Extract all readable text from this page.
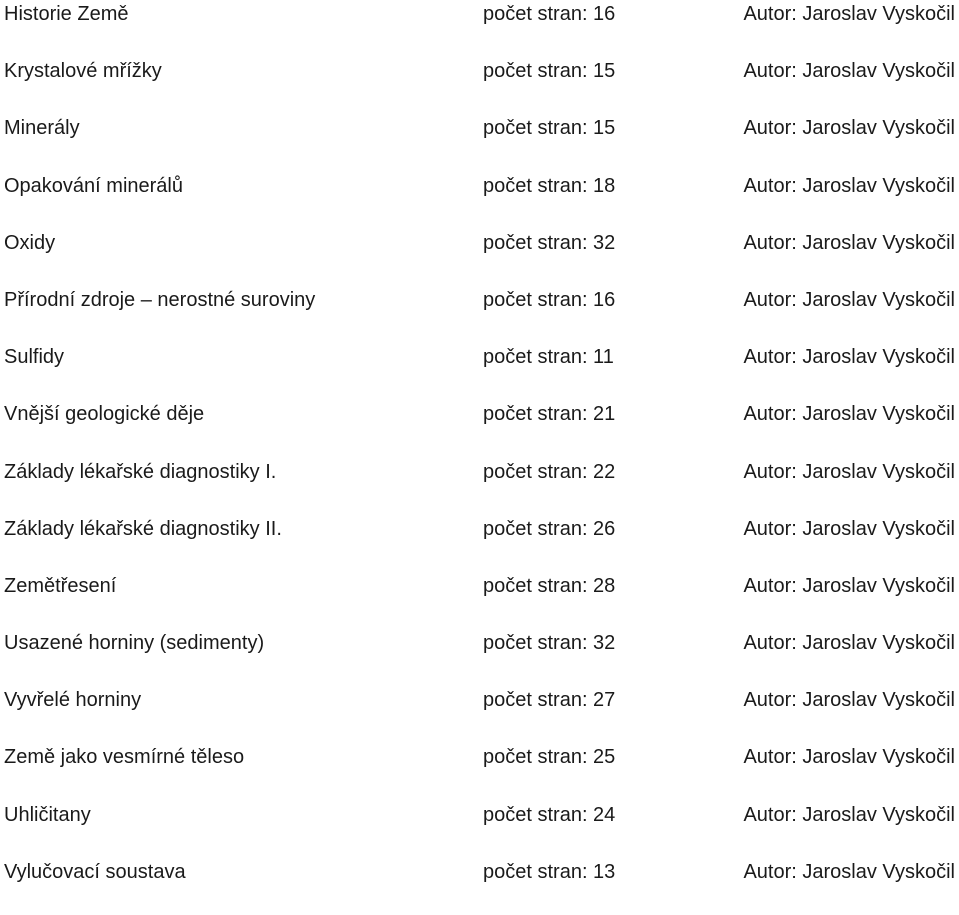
Historie Země	počet stran: 16	Autor: Jaroslav Vyskočil
Krystalové mřížky	počet stran: 15	Autor: Jaroslav Vyskočil
Minerály	počet stran: 15	Autor: Jaroslav Vyskočil
Opakování minerálů	počet stran: 18	Autor: Jaroslav Vyskočil
Oxidy	počet stran: 32	Autor: Jaroslav Vyskočil
Přírodní zdroje – nerostné suroviny	počet stran: 16	Autor: Jaroslav Vyskočil
Sulfidy	počet stran: 11	Autor: Jaroslav Vyskočil
Vnější geologické děje	počet stran: 21	Autor: Jaroslav Vyskočil
Základy lékařské diagnostiky I.	počet stran: 22	Autor: Jaroslav Vyskočil
Základy lékařské diagnostiky II.	počet stran: 26	Autor: Jaroslav Vyskočil
Zemětřesení	počet stran: 28	Autor: Jaroslav Vyskočil
Usazené horniny (sedimenty)	počet stran: 32	Autor: Jaroslav Vyskočil
Vyvřelé horniny	počet stran: 27	Autor: Jaroslav Vyskočil
Země jako vesmírné těleso	počet stran: 25	Autor: Jaroslav Vyskočil
Uhličitany	počet stran: 24	Autor: Jaroslav Vyskočil
Vylučovací soustava	počet stran: 13	Autor: Jaroslav Vyskočil
